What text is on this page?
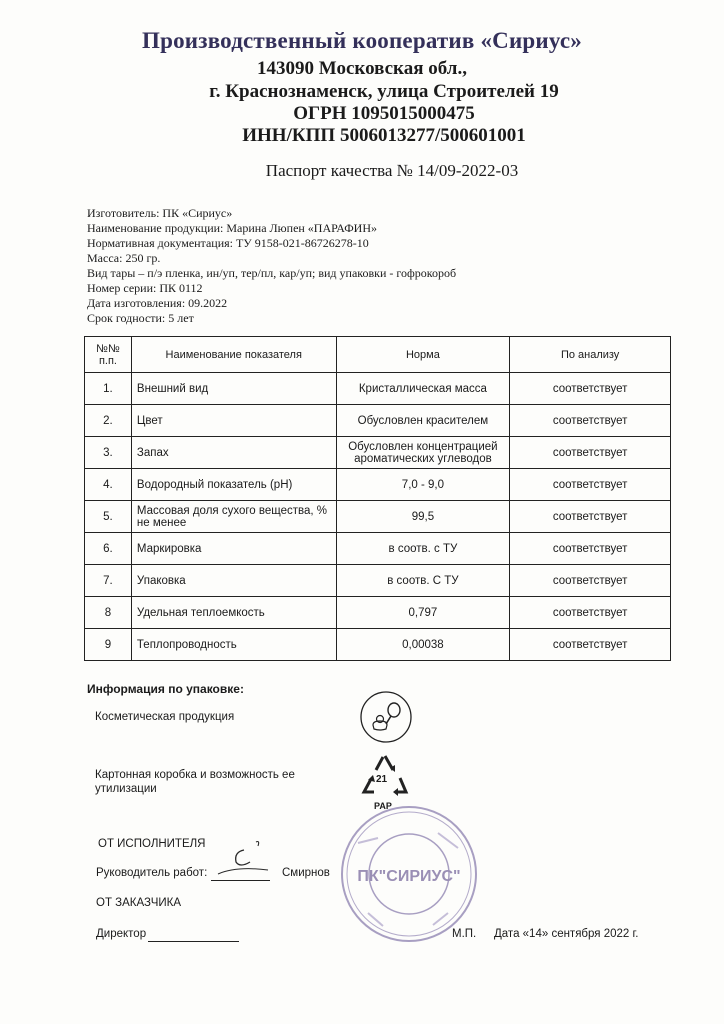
Производственный кооператив «Сириус»
143090 Московская обл.,
г. Краснознаменск, улица Строителей 19
ОГРН 1095015000475
ИНН/КПП 5006013277/500601001
Паспорт качества № 14/09-2022-03
Изготовитель: ПК «Сириус»
Наименование продукции: Марина Люпен «ПАРАФИН»
Нормативная документация: ТУ 9158-021-86726278-10
Масса: 250 гр.
Вид тары – п/э пленка, ин/уп, тер/пл, кар/уп; вид упаковки - гофрокороб
Номер серии: ПК 0112
Дата изготовления: 09.2022
Срок годности: 5 лет
№№ п.п.	Наименование показателя	Норма	По анализу
1.	Внешний вид	Кристаллическая масса	соответствует
2.	Цвет	Обусловлен красителем	соответствует
3.	Запах	Обусловлен концентрацией ароматических углеводов	соответствует
4.	Водородный показатель (pH)	7,0 - 9,0	соответствует
5.	Массовая доля сухого вещества, % не менее	99,5	соответствует
6.	Маркировка	в соотв. с ТУ	соответствует
7.	Упаковка	в соотв. С ТУ	соответствует
8	Удельная теплоемкость	0,797	соответствует
9	Теплопроводность	0,00038	соответствует
Информация по упаковке:
Косметическая продукция
Картонная коробка и возможность ее утилизации
21
PAP
ПК"СИРИУС"
ОТ ИСПОЛНИТЕЛЯ
Руководитель работ:	Смирнов
ОТ ЗАКАЗЧИКА
Директор	М.П. Дата «14» сентября 2022 г.
